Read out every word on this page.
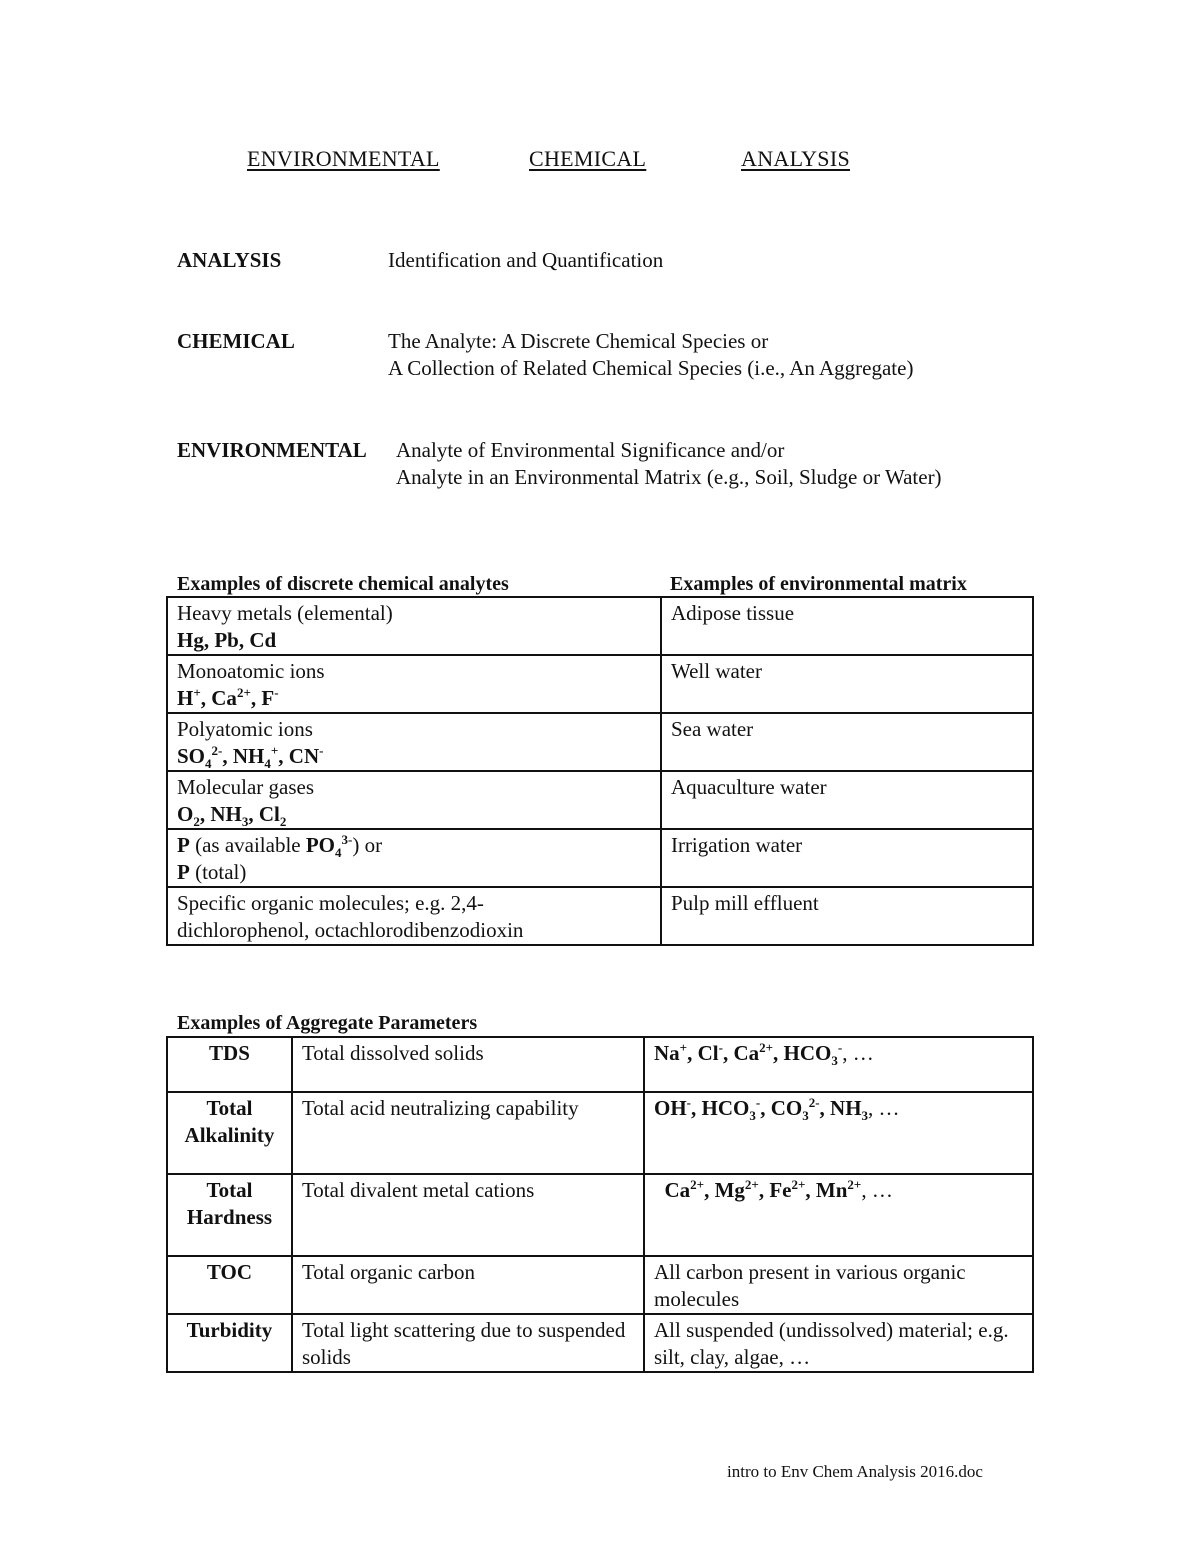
ENVIRONMENTAL	CHEMICAL	ANALYSIS
ANALYSIS	Identification and Quantification
CHEMICAL	The Analyte: A Discrete Chemical Species or
A Collection of Related Chemical Species (i.e., An Aggregate)
ENVIRONMENTAL Analyte of Environmental Significance and/or
Analyte in an Environmental Matrix (e.g., Soil, Sludge or Water)
Examples of discrete chemical analytes	Examples of environmental matrix
Heavy metals (elemental)
Hg, Pb, Cd	Adipose tissue

Monoatomic ions
H+, $Ca^{2+}$, F-	Well water

Polyatomic ions
$SO_4^{2-}$, $NH_4^+$, CN-	Sea water

Molecular gases
$O_2$, $NH_3$, $Cl_2$	Aquaculture water

P (as available $PO_4^{3-}$) or
P (total)	Irrigation water

Specific organic molecules; e.g. 2,4-
dichlorophenol, octachlorodibenzodioxin	Pulp mill effluent
Examples of Aggregate Parameters
TDS	Total dissolved solids	Na+, Cl-, $Ca^{2+}$, $HCO_3^-$, …

Total Alkalinity	Total acid neutralizing capability	OH-, $HCO_3^-$, $CO_3^{2-}$, $NH_3$, …

Total Hardness	Total divalent metal cations	$Ca^{2+}$, $Mg^{2+}$, $Fe^{2+}$, $Mn^{2+}$, …
TOC	Total organic carbon	All carbon present in various organic molecules
Turbidity	Total light scattering due to suspended solids	All suspended (undissolved) material; e.g. silt, clay, algae, …
intro to Env Chem Analysis 2016.doc
